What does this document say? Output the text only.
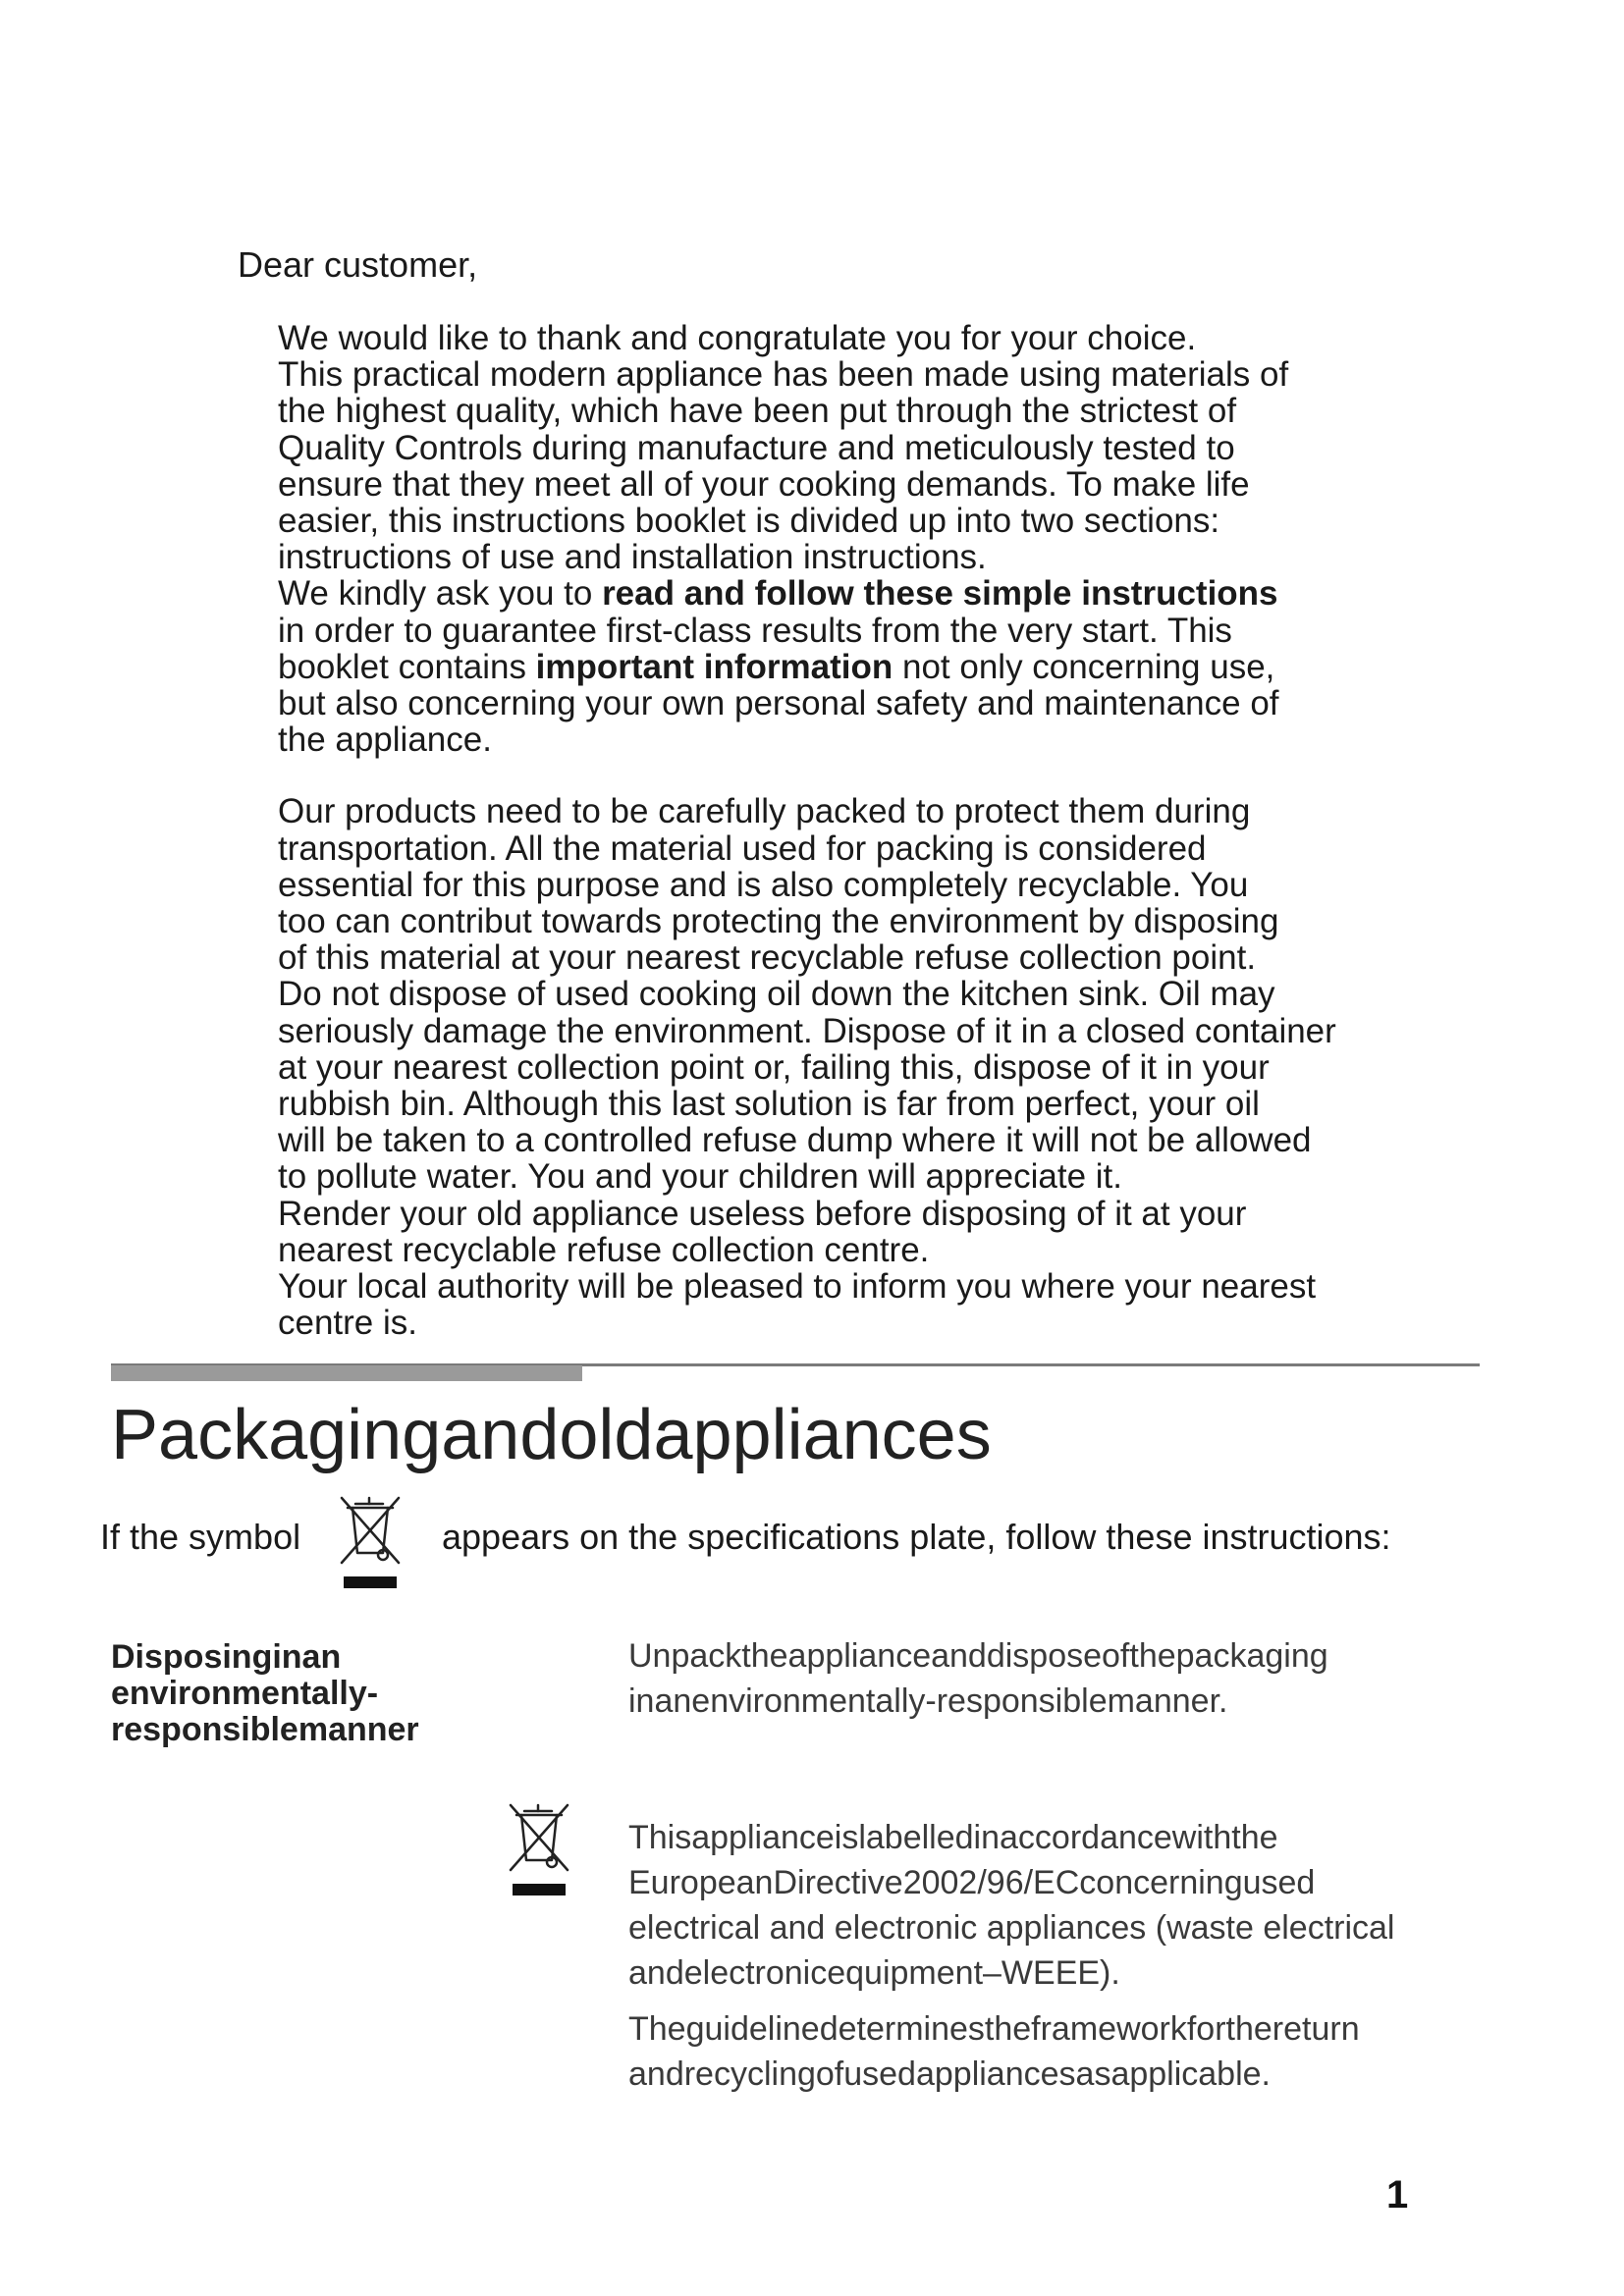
Dear customer,

We would like to thank and congratulate you for your choice.

This practical modern appliance has been made using materials of

the highest quality, which have been put through the strictest of

Quality Controls during manufacture and meticulously tested to

ensure that they meet all of your cooking demands. To make life

easier, this instructions booklet is divided up into two sections:

instructions of use and installation instructions.

We kindly ask you to read and follow these simple instructions

in order to guarantee first-class results from the very start. This

booklet contains important information not only concerning use,

but also concerning your own personal safety and maintenance of

the appliance.

Our products need to be carefully packed to protect them during

transportation. All the material used for packing is considered

essential for this purpose and is also completely recyclable. You

too can contribut towards protecting the environment by disposing

of this material at your nearest recyclable refuse collection point.

Do not dispose of used cooking oil down the kitchen sink. Oil may

seriously damage the environment. Dispose of it in a closed container

at your nearest collection point or, failing this, dispose of it in your

rubbish bin. Although this last solution is far from perfect, your oil

will be taken to a controlled refuse dump where it will not be allowed

to pollute water. You and your children will appreciate it.

Render your old appliance useless before disposing of it at your

nearest recyclable refuse collection centre.

Your local authority will be pleased to inform you where your nearest

centre is.

Packagingandoldappliances
If the symbol	appears on the specifications plate, follow these instructions:
Disposinginan
environmentally-
responsiblemanner

Unpacktheapplianceanddisposeofthepackaging

inanenvironmentally-responsiblemanner.

Thisapplianceislabelledinaccordancewiththe

EuropeanDirective2002/96/ECconcerningused

electrical and electronic appliances (waste electrical

andelectronicequipment–WEEE).

Theguidelinedeterminestheframeworkforthereturn

andrecyclingofusedappliancesasapplicable.

1
